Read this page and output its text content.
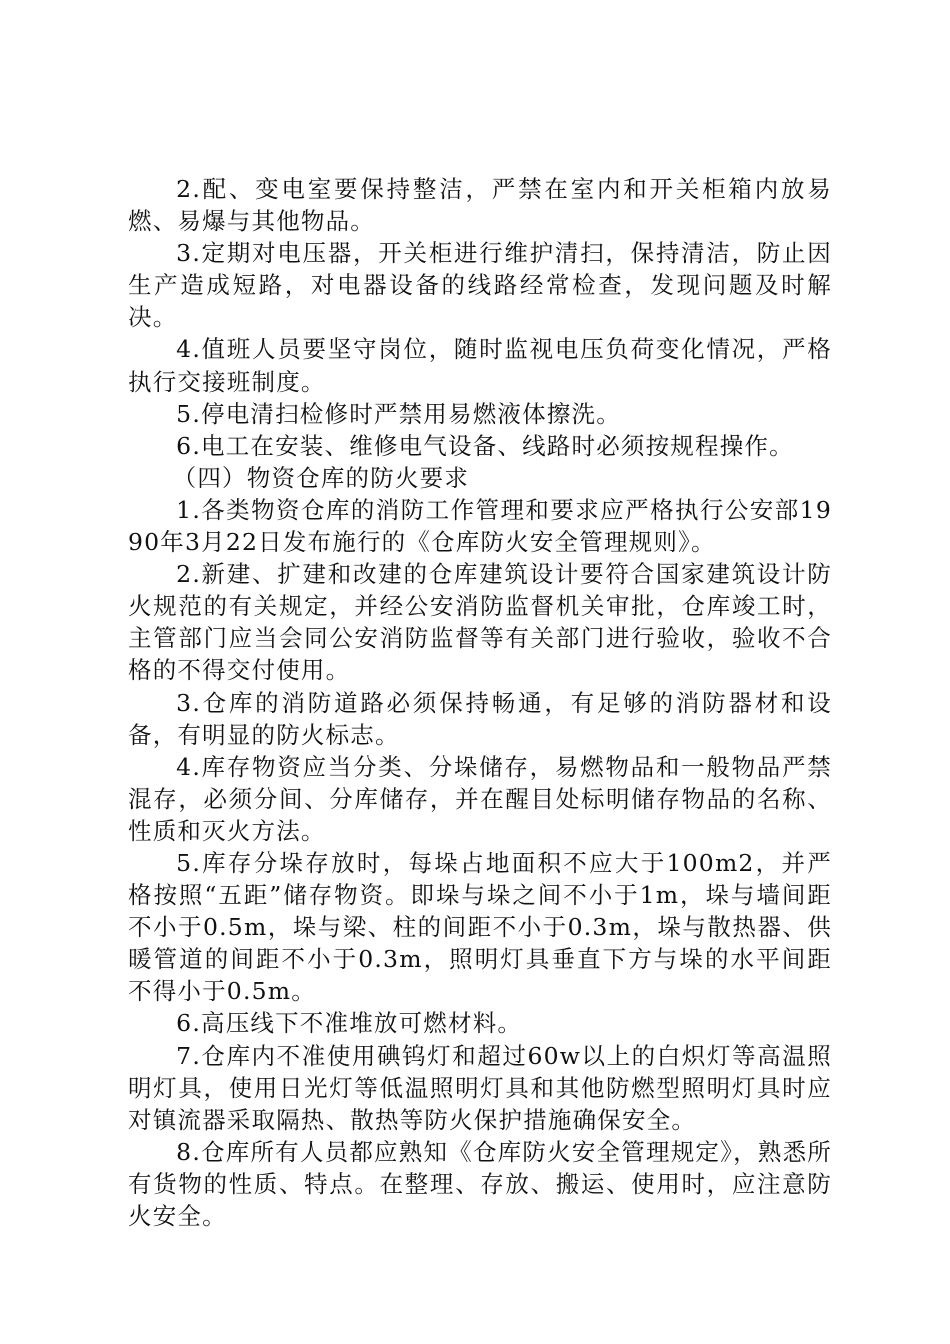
2.配、变电室要保持整洁，严禁在室内和开关柜箱内放易燃、易爆与其他物品。

3.定期对电压器，开关柜进行维护清扫，保持清洁，防止因生产造成短路，对电器设备的线路经常检查，发现问题及时解决。

4.值班人员要坚守岗位，随时监视电压负荷变化情况，严格执行交接班制度。

5.停电清扫检修时严禁用易燃液体擦洗。

6.电工在安装、维修电气设备、线路时必须按规程操作。

（四）物资仓库的防火要求

1.各类物资仓库的消防工作管理和要求应严格执行公安部1990年3月22日发布施行的《仓库防火安全管理规则》。

2.新建、扩建和改建的仓库建筑设计要符合国家建筑设计防火规范的有关规定，并经公安消防监督机关审批，仓库竣工时，主管部门应当会同公安消防监督等有关部门进行验收，验收不合格的不得交付使用。

3.仓库的消防道路必须保持畅通，有足够的消防器材和设备，有明显的防火标志。

4.库存物资应当分类、分垛储存，易燃物品和一般物品严禁混存，必须分间、分库储存，并在醒目处标明储存物品的名称、性质和灭火方法。

5.库存分垛存放时，每垛占地面积不应大于100m2，并严格按照“五距”储存物资。即垛与垛之间不小于1m，垛与墙间距不小于0.5m，垛与梁、柱的间距不小于0.3m，垛与散热器、供暖管道的间距不小于0.3m，照明灯具垂直下方与垛的水平间距不得小于0.5m。

6.高压线下不准堆放可燃材料。

7.仓库内不准使用碘钨灯和超过60w以上的白炽灯等高温照明灯具，使用日光灯等低温照明灯具和其他防燃型照明灯具时应对镇流器采取隔热、散热等防火保护措施确保安全。

8.仓库所有人员都应熟知《仓库防火安全管理规定》，熟悉所有货物的性质、特点。在整理、存放、搬运、使用时，应注意防火安全。
